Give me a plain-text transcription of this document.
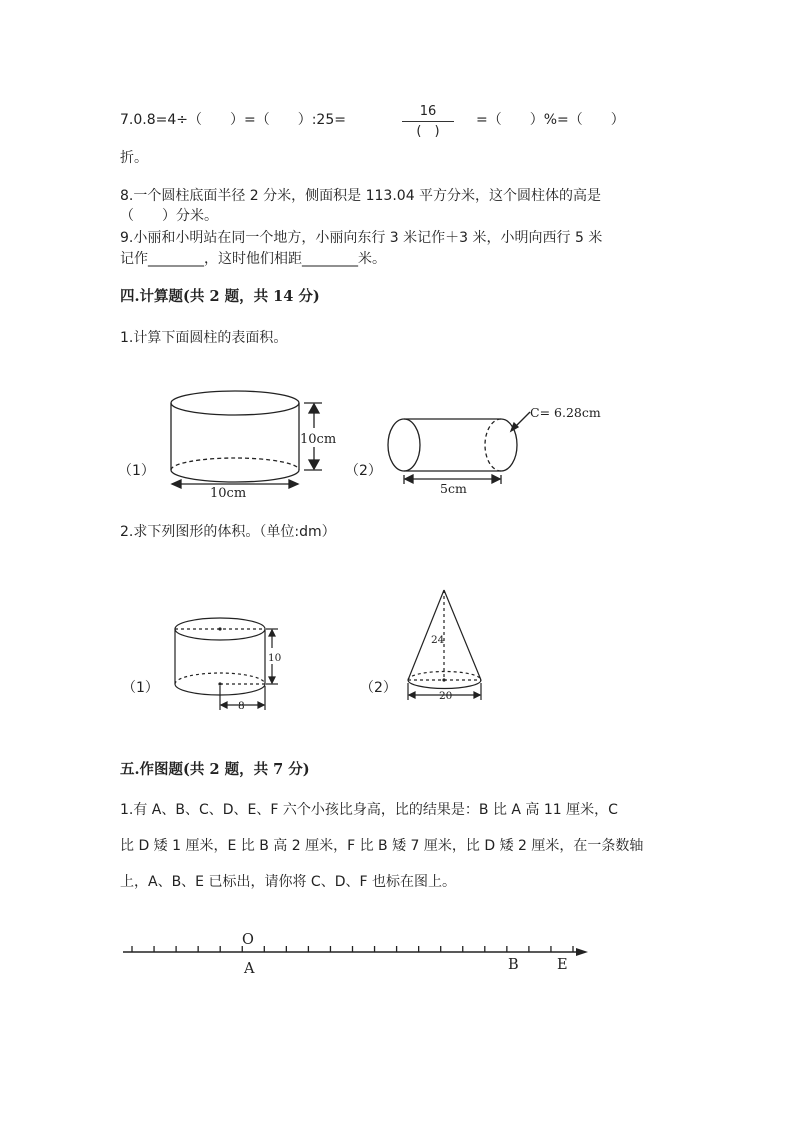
7.0.8=4÷（　　）=（　　）:25=
16
(　)
=（　　）%=（　　）
折。
8.一个圆柱底面半径 2 分米，侧面积是 113.04 平方分米，这个圆柱体的高是
（　　）分米。
9.小丽和小明站在同一个地方，小丽向东行 3 米记作＋3 米，小明向西行 5 米
记作________，这时他们相距________米。
四.计算题(共 2 题，共 14 分)
1.计算下面圆柱的表面积。
10cm
10cm
C= 6.28cm
5cm
10
8
24
20
O
A	B	E
（1）	（2）
2.求下列图形的体积。（单位:dm）
（1）	（2）
五.作图题(共 2 题，共 7 分)
1.有 A、B、C、D、E、F 六个小孩比身高，比的结果是：B 比 A 高 11 厘米，C
比 D 矮 1 厘米，E 比 B 高 2 厘米，F 比 B 矮 7 厘米，比 D 矮 2 厘米，在一条数轴
上，A、B、E 已标出，请你将 C、D、F 也标在图上。
